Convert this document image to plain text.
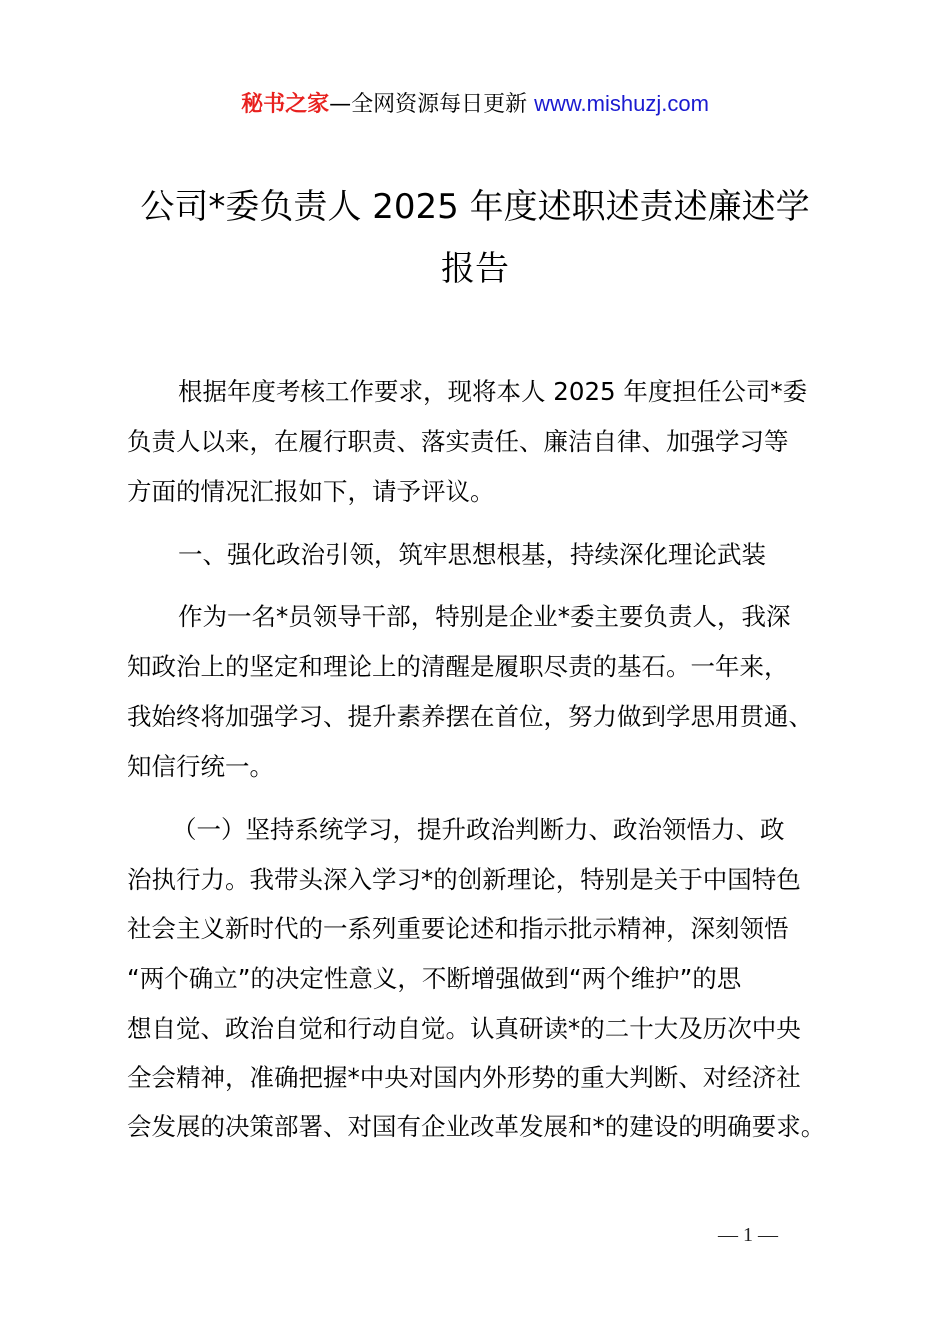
秘书之家—全网资源每日更新 www.mishuzj.com
公司*委负责人 2025 年度述职述责述廉述学
报告
根据年度考核工作要求，现将本人 2025 年度担任公司*委
负责人以来，在履行职责、落实责任、廉洁自律、加强学习等
方面的情况汇报如下，请予评议。
一、强化政治引领，筑牢思想根基，持续深化理论武装
作为一名*员领导干部，特别是企业*委主要负责人，我深
知政治上的坚定和理论上的清醒是履职尽责的基石。一年来，
我始终将加强学习、提升素养摆在首位，努力做到学思用贯通、
知信行统一。
（一）坚持系统学习，提升政治判断力、政治领悟力、政
治执行力。我带头深入学习*的创新理论，特别是关于中国特色
社会主义新时代的一系列重要论述和指示批示精神，深刻领悟
“两个确立”的决定性意义，不断增强做到“两个维护”的思
想自觉、政治自觉和行动自觉。认真研读*的二十大及历次中央
全会精神，准确把握*中央对国内外形势的重大判断、对经济社
会发展的决策部署、对国有企业改革发展和*的建设的明确要求。
— 1 —
